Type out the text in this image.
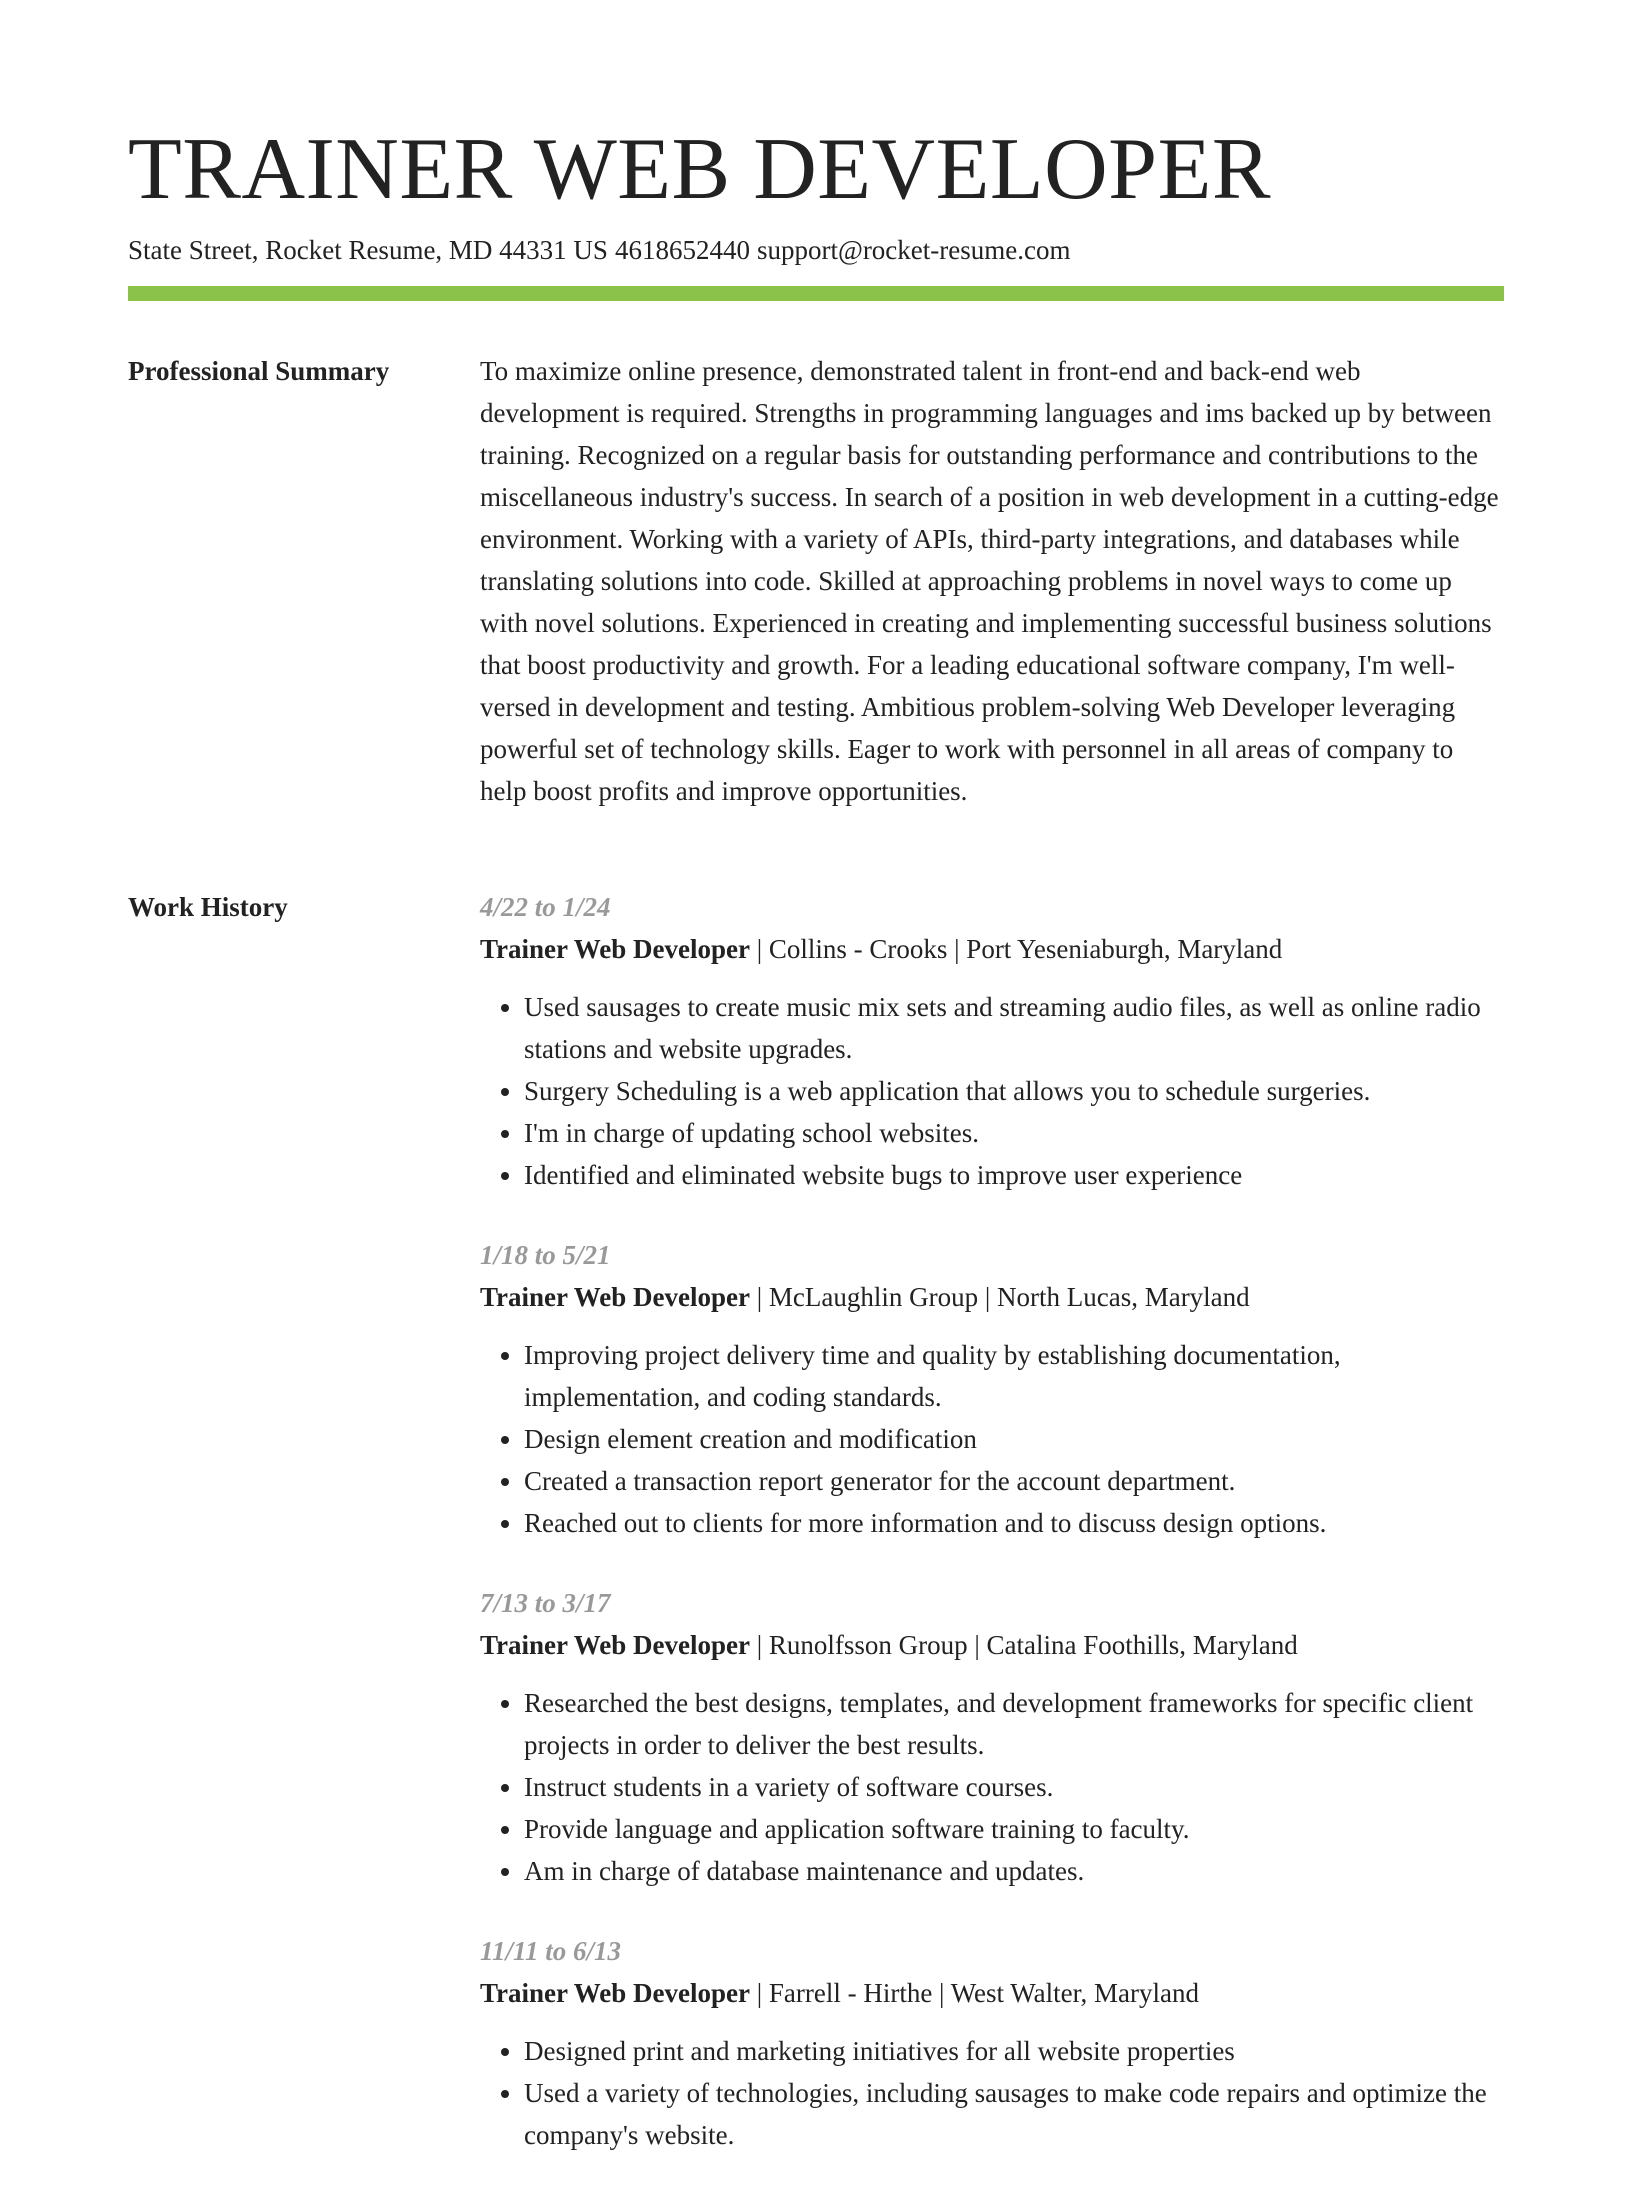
TRAINER WEB DEVELOPER
State Street, Rocket Resume, MD 44331 US 4618652440 support@rocket-resume.com
Professional Summary	To maximize online presence, demonstrated talent in front-end and back-end web development is required. Strengths in programming languages and ims backed up by between training. Recognized on a regular basis for outstanding performance and contributions to the miscellaneous industry's success. In search of a position in web development in a cutting-edge environment. Working with a variety of APIs, third-party integrations, and databases while translating solutions into code. Skilled at approaching problems in novel ways to come up with novel solutions. Experienced in creating and implementing successful business solutions that boost productivity and growth. For a leading educational software company, I'm well-versed in development and testing. Ambitious problem-solving Web Developer leveraging powerful set of technology skills. Eager to work with personnel in all areas of company to help boost profits and improve opportunities.

Work History	4/22 to 1/24
Trainer Web Developer | Collins - Crooks | Port Yeseniaburgh, Maryland
• Used sausages to create music mix sets and streaming audio files, as well as online radio stations and website upgrades.
• Surgery Scheduling is a web application that allows you to schedule surgeries.
• I'm in charge of updating school websites.
• Identified and eliminated website bugs to improve user experience
1/18 to 5/21
Trainer Web Developer | McLaughlin Group | North Lucas, Maryland
• Improving project delivery time and quality by establishing documentation, implementation, and coding standards.
• Design element creation and modification
• Created a transaction report generator for the account department.
• Reached out to clients for more information and to discuss design options.
7/13 to 3/17
Trainer Web Developer | Runolfsson Group | Catalina Foothills, Maryland
• Researched the best designs, templates, and development frameworks for specific client projects in order to deliver the best results.
• Instruct students in a variety of software courses.
• Provide language and application software training to faculty.
• Am in charge of database maintenance and updates.
11/11 to 6/13
Trainer Web Developer | Farrell - Hirthe | West Walter, Maryland
• Designed print and marketing initiatives for all website properties
• Used a variety of technologies, including sausages to make code repairs and optimize the company's website.
